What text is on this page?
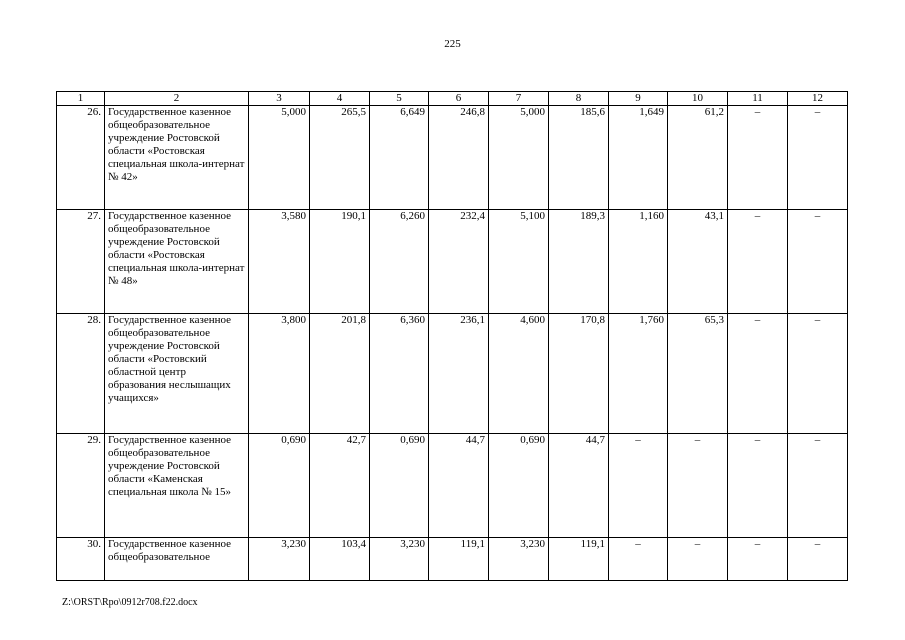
225
1	2	3	4	5	6	7	8	9	10	11	12
26.	Государственное казенное общеобразовательное учреждение Ростовской области «Ростовская специальная школа-интернат № 42»	5,000	265,5	6,649	246,8	5,000	185,6	1,649	61,2	–	–
27.	Государственное казенное общеобразовательное учреждение Ростовской области «Ростовская специальная школа-интернат № 48»	3,580	190,1	6,260	232,4	5,100	189,3	1,160	43,1	–	–
28.	Государственное казенное общеобразовательное учреждение Ростовской области «Ростовский областной центр образования неслышащих учащихся»	3,800	201,8	6,360	236,1	4,600	170,8	1,760	65,3	–	–
29.	Государственное казенное общеобразовательное учреждение Ростовской области «Каменская специальная школа № 15»	0,690	42,7	0,690	44,7	0,690	44,7	–	–	–	–
30.	Государственное казенное общеобразовательное	3,230	103,4	3,230	119,1	3,230	119,1	–	–	–	–
Z:\ORST\Rpo\0912r708.f22.docx
